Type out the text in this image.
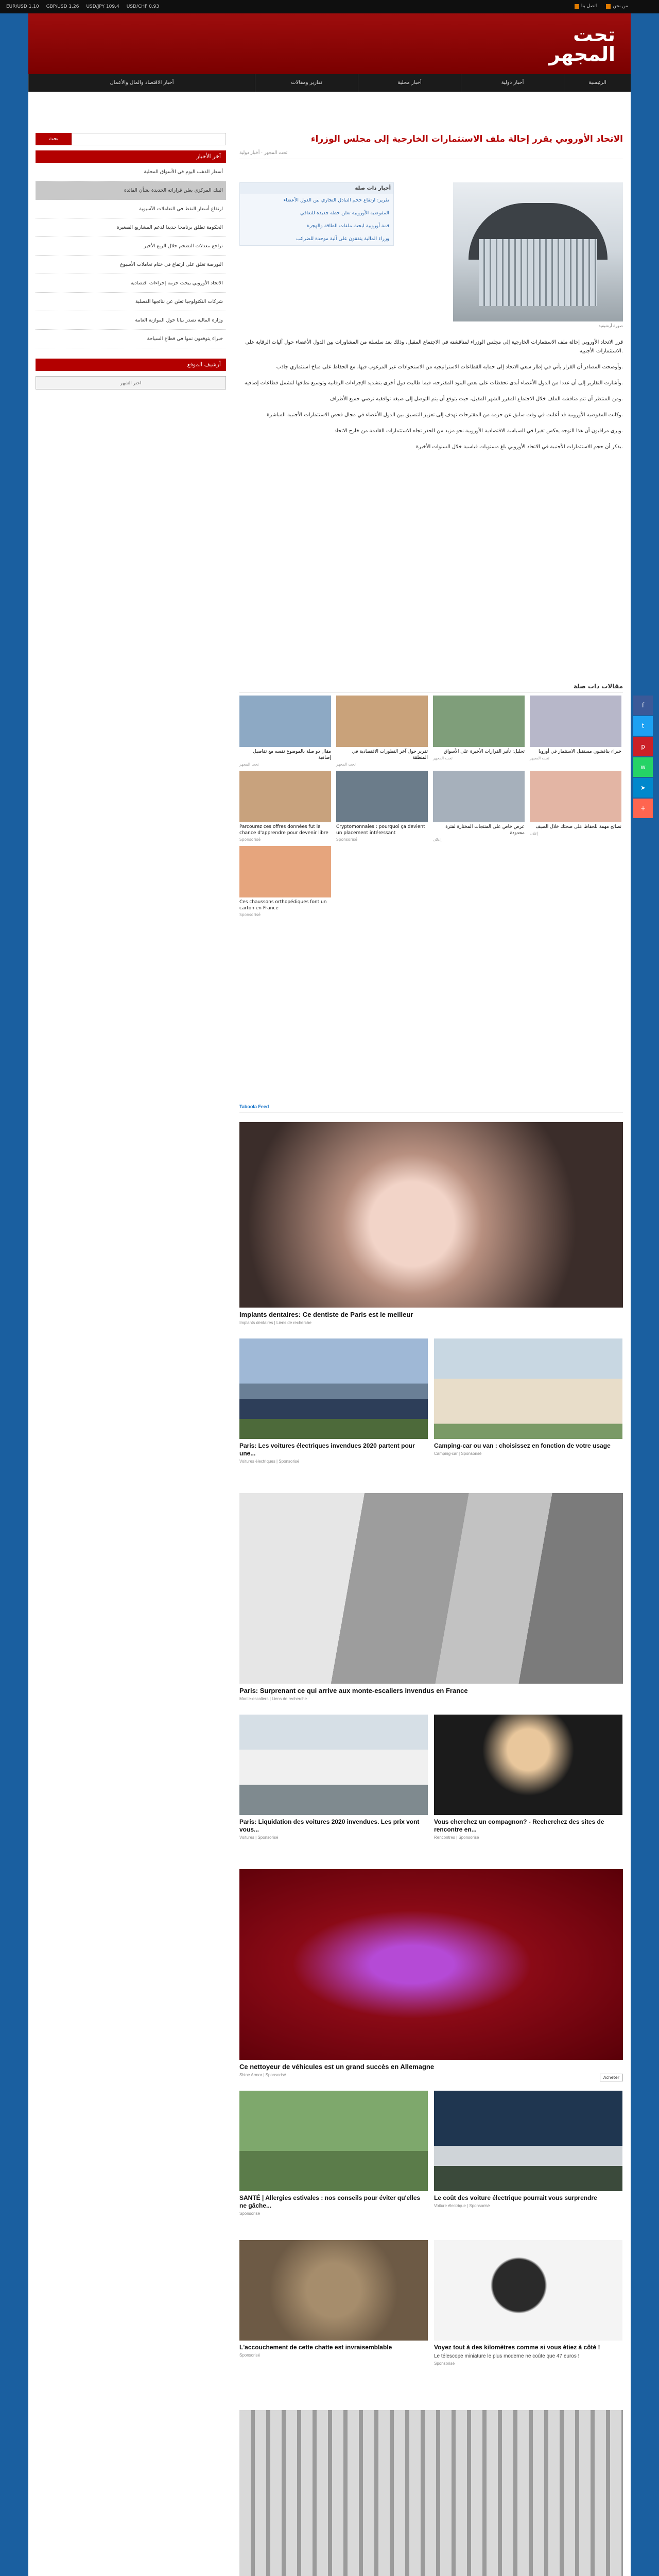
EUR/USD 1.10 GBP/USD 1.26 USD/JPY 109.4 USD/CHF 0.93	اتصل بنا	من نحن
تحت
المجهر
أخبار الاقتصاد والمال والأعمال	تقارير ومقالات	أخبار محلية	أخبار دولية	الرئيسية
بحث
آخر الأخبار
أسعار الذهب اليوم في الأسواق المحلية
البنك المركزي يعلن قراراته الجديدة بشأن الفائدة
ارتفاع أسعار النفط في التعاملات الآسيوية
الحكومة تطلق برنامجا جديدا لدعم المشاريع الصغيرة
تراجع معدلات التضخم خلال الربع الأخير
البورصة تغلق على ارتفاع في ختام تعاملات الأسبوع
الاتحاد الأوروبي يبحث حزمة إجراءات اقتصادية
شركات التكنولوجيا تعلن عن نتائجها الفصلية
وزارة المالية تصدر بيانا حول الموازنة العامة
خبراء يتوقعون نموا في قطاع السياحة
أرشيف الموقع
اختر الشهر
الاتحاد الأوروبي يقرر إحالة ملف الاستثمارات الخارجية إلى مجلس الوزراء
تحت المجهر · أخبار دولية
أخبار ذات صلة
تقرير: ارتفاع حجم التبادل التجاري بين الدول الأعضاء
المفوضية الأوروبية تعلن خطة جديدة للتعافي
قمة أوروبية لبحث ملفات الطاقة والهجرة
وزراء المالية يتفقون على آلية موحدة للضرائب
صورة أرشيفية

قرر الاتحاد الأوروبي إحالة ملف الاستثمارات الخارجية إلى مجلس الوزراء لمناقشته في الاجتماع المقبل، وذلك بعد سلسلة من المشاورات بين الدول الأعضاء حول آليات الرقابة على الاستثمارات الأجنبية.

وأوضحت المصادر أن القرار يأتي في إطار سعي الاتحاد إلى حماية القطاعات الاستراتيجية من الاستحواذات غير المرغوب فيها، مع الحفاظ على مناخ استثماري جاذب.

وأشارت التقارير إلى أن عددا من الدول الأعضاء أبدى تحفظات على بعض البنود المقترحة، فيما طالبت دول أخرى بتشديد الإجراءات الرقابية وتوسيع نطاقها لتشمل قطاعات إضافية.

ومن المنتظر أن تتم مناقشة الملف خلال الاجتماع المقرر الشهر المقبل، حيث يتوقع أن يتم التوصل إلى صيغة توافقية ترضي جميع الأطراف.

وكانت المفوضية الأوروبية قد أعلنت في وقت سابق عن حزمة من المقترحات تهدف إلى تعزيز التنسيق بين الدول الأعضاء في مجال فحص الاستثمارات الأجنبية المباشرة.

ويرى مراقبون أن هذا التوجه يعكس تغيرا في السياسة الاقتصادية الأوروبية نحو مزيد من الحذر تجاه الاستثمارات القادمة من خارج الاتحاد.

يذكر أن حجم الاستثمارات الأجنبية في الاتحاد الأوروبي بلغ مستويات قياسية خلال السنوات الأخيرة.

مقالات ذات صلة
مقال ذو صلة بالموضوع نفسه مع تفاصيل إضافية
تحت المجهر
تقرير حول آخر التطورات الاقتصادية في المنطقة
تحت المجهر
تحليل: تأثير القرارات الأخيرة على الأسواق
تحت المجهر
خبراء يناقشون مستقبل الاستثمار في أوروبا
تحت المجهر
Parcourez ces offres données fut la chance d'apprendre pour devenir libre
Sponsorisé
Cryptomonnaies : pourquoi ça devient un placement intéressant
Sponsorisé
عرض خاص على المنتجات المختارة لفترة محدودة
إعلان
نصائح مهمة للحفاظ على صحتك خلال الصيف
إعلان
Ces chaussons orthopédiques font un carton en France
Sponsorisé
Taboola Feed
Implants dentaires: Ce dentiste de Paris est le meilleur
Implants dentaires | Liens de recherche
Paris: Les voitures électriques invendues 2020 partent pour une...
Voitures électriques | Sponsorisé
Camping-car ou van : choisissez en fonction de votre usage
Camping-car | Sponsorisé
Paris: Surprenant ce qui arrive aux monte-escaliers invendus en France
Monte-escaliers | Liens de recherche
Paris: Liquidation des voitures 2020 invendues. Les prix vont vous...
Voitures | Sponsorisé
Vous cherchez un compagnon? - Recherchez des sites de rencontre en...
Rencontres | Sponsorisé
Ce nettoyeur de véhicules est un grand succès en Allemagne
Shine Armor | Sponsorisé
Acheter
SANTÉ | Allergies estivales : nos conseils pour éviter qu'elles ne gâche...
Sponsorisé
Le coût des voiture électrique pourrait vous surprendre
Voiture électrique | Sponsorisé
L'accouchement de cette chatte est invraisemblable
Sponsorisé
Voyez tout à des kilomètres comme si vous étiez à côté !
Le télescope miniature le plus moderne ne coûte que 47 euros !
Sponsorisé
f
t
p
w
➤
+
